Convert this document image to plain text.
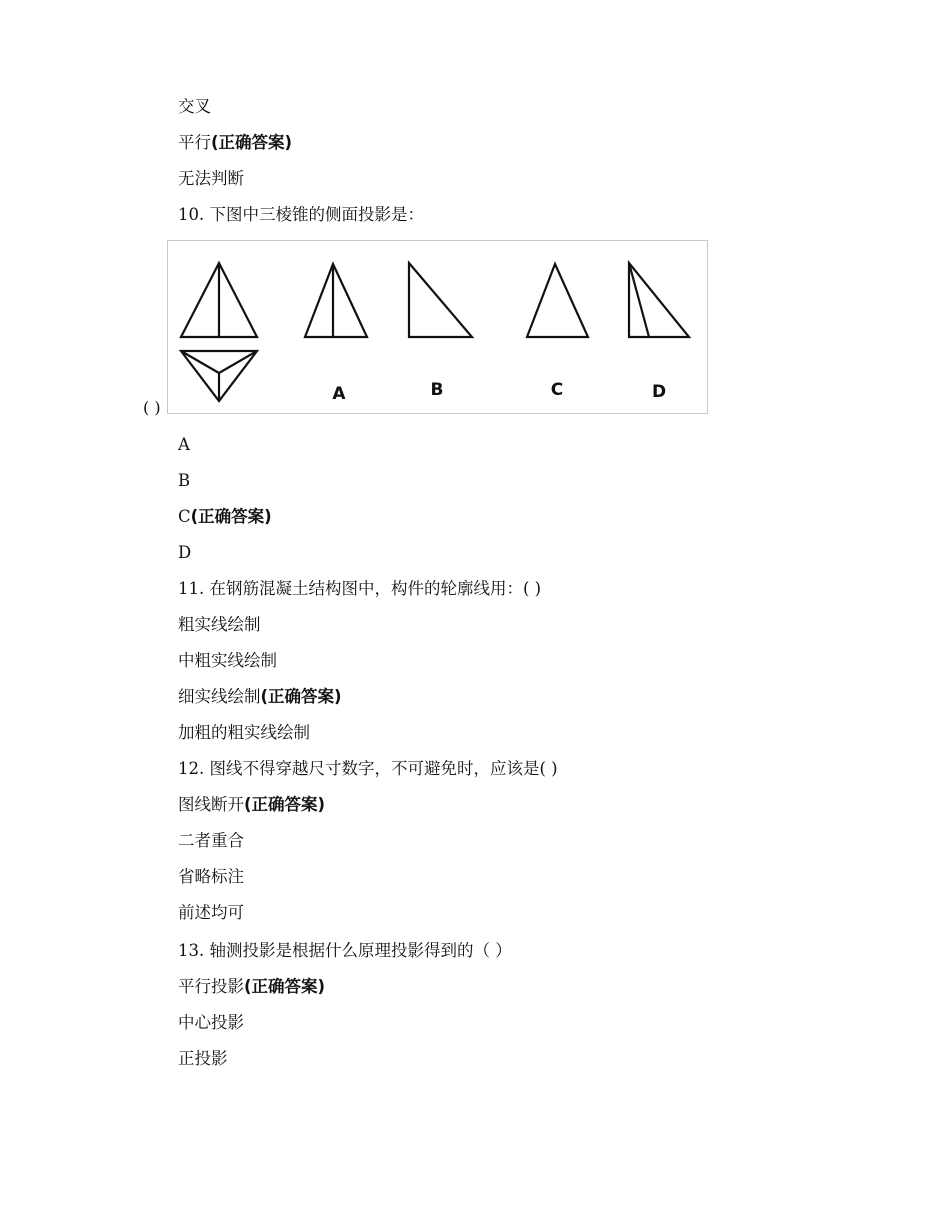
交叉
平行(正确答案)
无法判断
10. 下图中三棱锥的侧面投影是：
A	B	C	D
( )
A
B
C(正确答案)
D
11. 在钢筋混凝土结构图中，构件的轮廓线用：( )
粗实线绘制
中粗实线绘制
细实线绘制(正确答案)
加粗的粗实线绘制
12. 图线不得穿越尺寸数字，不可避免时，应该是( )
图线断开(正确答案)
二者重合
省略标注
前述均可
13. 轴测投影是根据什么原理投影得到的（ ）
平行投影(正确答案)
中心投影
正投影
